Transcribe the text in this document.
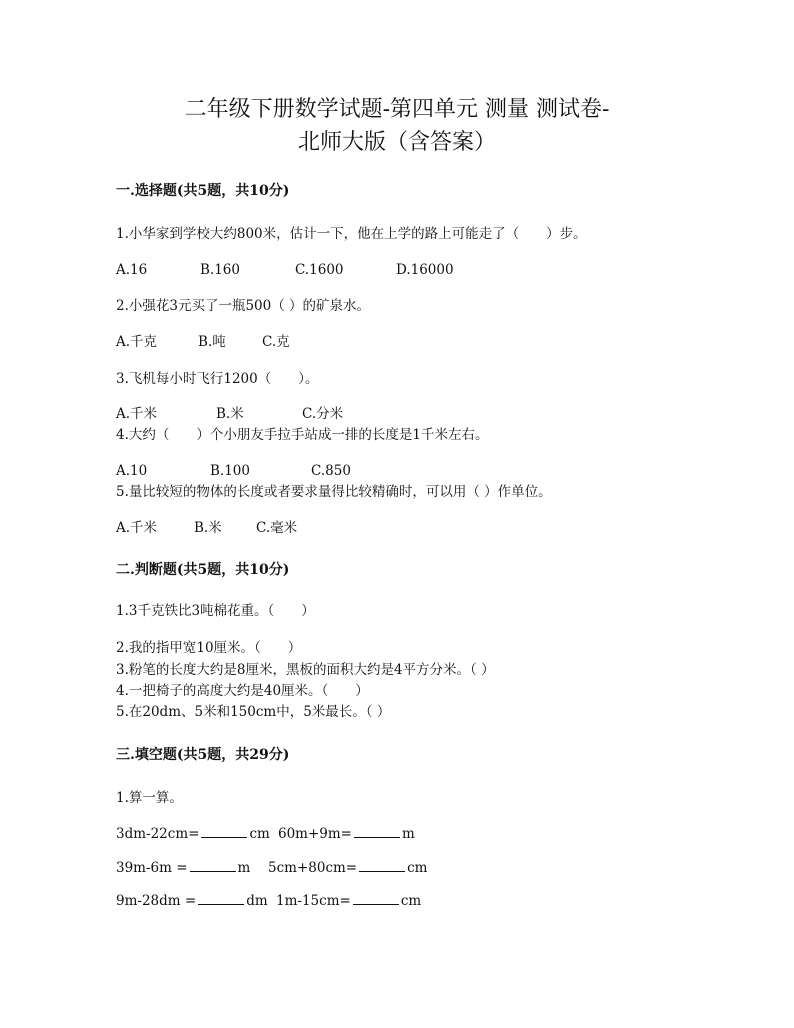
二年级下册数学试题-第四单元 测量 测试卷-
北师大版（含答案）
一.选择题(共5题，共10分)
1.小华家到学校大约800米，估计一下，他在上学的路上可能走了（　　）步。
A.16	B.160	C.1600	D.16000
2.小强花3元买了一瓶500（ ）的矿泉水。
A.千克	B.吨	C.克
3.飞机每小时飞行1200（　　）。
A.千米	B.米	C.分米
4.大约（　　）个小朋友手拉手站成一排的长度是1千米左右。
A.10	B.100	C.850
5.量比较短的物体的长度或者要求量得比较精确时，可以用（ ）作单位。
A.千米	B.米	C.毫米
二.判断题(共5题，共10分)
1.3千克铁比3吨棉花重。（　　）
2.我的指甲宽10厘米。（　　）
3.粉笔的长度大约是8厘米，黑板的面积大约是4平方分米。（ ）
4.一把椅子的高度大约是40厘米。（　　）
5.在20dm、5米和150cm中，5米最长。（ ）
三.填空题(共5题，共29分)
1.算一算。
3dm-22cm=	cm 60m+9m=	m
39m-6m =	m 5cm+80cm=	cm
9m-28dm =	dm 1m-15cm=	cm
